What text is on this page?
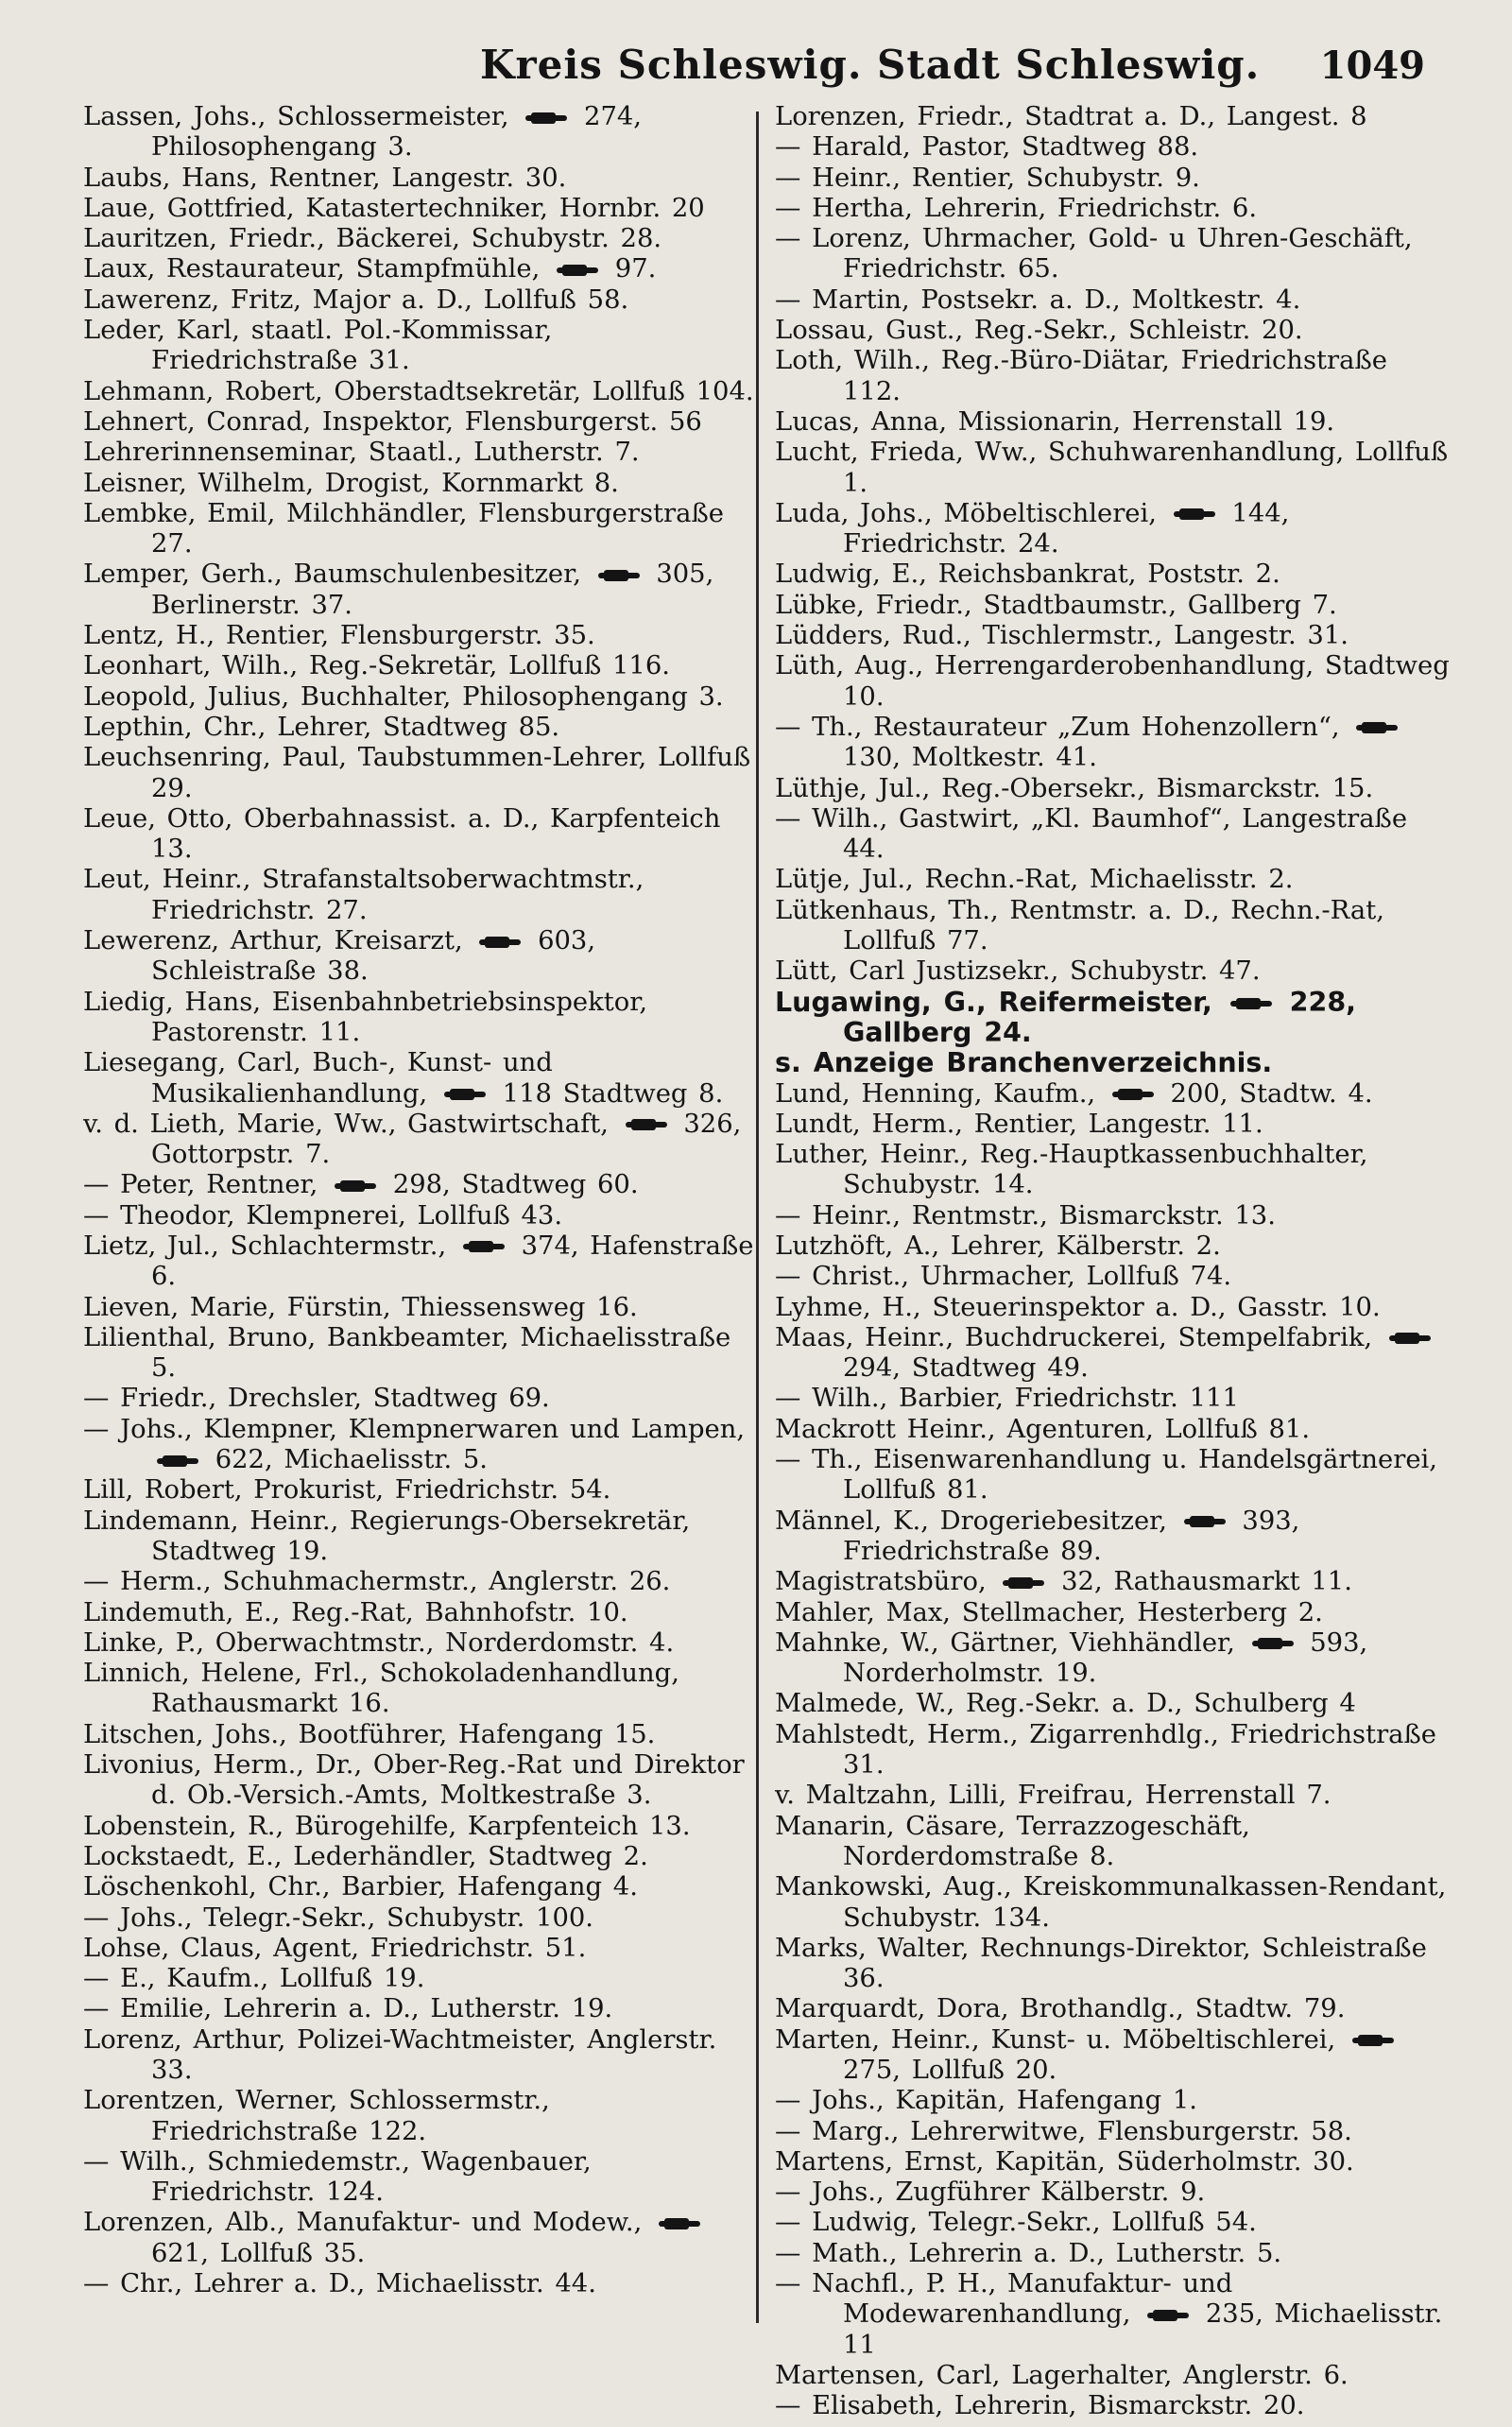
Kreis Schleswig. Stadt Schleswig. 1049
Lassen, Johs., Schlossermeister,  274, Philosophengang 3.
Laubs, Hans, Rentner, Langestr. 30.
Laue, Gottfried, Katastertechniker, Hornbr. 20
Lauritzen, Friedr., Bäckerei, Schubystr. 28.
Laux, Restaurateur, Stampfmühle,  97.
Lawerenz, Fritz, Major a. D., Lollfuß 58.
Leder, Karl, staatl. Pol.-Kommissar, Friedrichstraße 31.
Lehmann, Robert, Oberstadtsekretär, Lollfuß 104.
Lehnert, Conrad, Inspektor, Flensburgerst. 56
Lehrerinnenseminar, Staatl., Lutherstr. 7.
Leisner, Wilhelm, Drogist, Kornmarkt 8.
Lembke, Emil, Milchhändler, Flensburgerstraße 27.
Lemper, Gerh., Baumschulenbesitzer,  305, Berlinerstr. 37.
Lentz, H., Rentier, Flensburgerstr. 35.
Leonhart, Wilh., Reg.-Sekretär, Lollfuß 116.
Leopold, Julius, Buchhalter, Philosophengang 3.
Lepthin, Chr., Lehrer, Stadtweg 85.
Leuchsenring, Paul, Taubstummen-Lehrer, Lollfuß 29.
Leue, Otto, Oberbahnassist. a. D., Karpfenteich 13.
Leut, Heinr., Strafanstaltsoberwachtmstr., Friedrichstr. 27.
Lewerenz, Arthur, Kreisarzt,  603, Schleistraße 38.
Liedig, Hans, Eisenbahnbetriebsinspektor, Pastorenstr. 11.
Liesegang, Carl, Buch-, Kunst- und Musikalienhandlung,  118 Stadtweg 8.
v. d. Lieth, Marie, Ww., Gastwirtschaft,  326, Gottorpstr. 7.
— Peter, Rentner,  298, Stadtweg 60.
— Theodor, Klempnerei, Lollfuß 43.
Lietz, Jul., Schlachtermstr.,  374, Hafenstraße 6.
Lieven, Marie, Fürstin, Thiessensweg 16.
Lilienthal, Bruno, Bankbeamter, Michaelisstraße 5.
— Friedr., Drechsler, Stadtweg 69.
— Johs., Klempner, Klempnerwaren und Lampen,  622, Michaelisstr. 5.
Lill, Robert, Prokurist, Friedrichstr. 54.
Lindemann, Heinr., Regierungs-Obersekretär, Stadtweg 19.
— Herm., Schuhmachermstr., Anglerstr. 26.
Lindemuth, E., Reg.-Rat, Bahnhofstr. 10.
Linke, P., Oberwachtmstr., Norderdomstr. 4.
Linnich, Helene, Frl., Schokoladenhandlung, Rathausmarkt 16.
Litschen, Johs., Bootführer, Hafengang 15.
Livonius, Herm., Dr., Ober-Reg.-Rat und Direktor d. Ob.-Versich.-Amts, Moltkestraße 3.
Lobenstein, R., Bürogehilfe, Karpfenteich 13.
Lockstaedt, E., Lederhändler, Stadtweg 2.
Löschenkohl, Chr., Barbier, Hafengang 4.
— Johs., Telegr.-Sekr., Schubystr. 100.
Lohse, Claus, Agent, Friedrichstr. 51.
— E., Kaufm., Lollfuß 19.
— Emilie, Lehrerin a. D., Lutherstr. 19.
Lorenz, Arthur, Polizei-Wachtmeister, Anglerstr. 33.
Lorentzen, Werner, Schlossermstr., Friedrichstraße 122.
— Wilh., Schmiedemstr., Wagenbauer, Friedrichstr. 124.
Lorenzen, Alb., Manufaktur- und Modew.,  621, Lollfuß 35.
— Chr., Lehrer a. D., Michaelisstr. 44.
Lorenzen, Friedr., Stadtrat a. D., Langest. 8
— Harald, Pastor, Stadtweg 88.
— Heinr., Rentier, Schubystr. 9.
— Hertha, Lehrerin, Friedrichstr. 6.
— Lorenz, Uhrmacher, Gold- u Uhren-Geschäft, Friedrichstr. 65.
— Martin, Postsekr. a. D., Moltkestr. 4.
Lossau, Gust., Reg.-Sekr., Schleistr. 20.
Loth, Wilh., Reg.-Büro-Diätar, Friedrichstraße 112.
Lucas, Anna, Missionarin, Herrenstall 19.
Lucht, Frieda, Ww., Schuhwarenhandlung, Lollfuß 1.
Luda, Johs., Möbeltischlerei,  144, Friedrichstr. 24.
Ludwig, E., Reichsbankrat, Poststr. 2.
Lübke, Friedr., Stadtbaumstr., Gallberg 7.
Lüdders, Rud., Tischlermstr., Langestr. 31.
Lüth, Aug., Herrengarderobenhandlung, Stadtweg 10.
— Th., Restaurateur „Zum Hohenzollern“,  130, Moltkestr. 41.
Lüthje, Jul., Reg.-Obersekr., Bismarckstr. 15.
— Wilh., Gastwirt, „Kl. Baumhof“, Langestraße 44.
Lütje, Jul., Rechn.-Rat, Michaelisstr. 2.
Lütkenhaus, Th., Rentmstr. a. D., Rechn.-Rat, Lollfuß 77.
Lütt, Carl Justizsekr., Schubystr. 47.
Lugawing, G., Reifermeister,  228, Gallberg 24.
s. Anzeige Branchenverzeichnis.
Lund, Henning, Kaufm.,  200, Stadtw. 4.
Lundt, Herm., Rentier, Langestr. 11.
Luther, Heinr., Reg.-Hauptkassenbuchhalter, Schubystr. 14.
— Heinr., Rentmstr., Bismarckstr. 13.
Lutzhöft, A., Lehrer, Kälberstr. 2.
— Christ., Uhrmacher, Lollfuß 74.
Lyhme, H., Steuerinspektor a. D., Gasstr. 10.
Maas, Heinr., Buchdruckerei, Stempelfabrik,  294, Stadtweg 49.
— Wilh., Barbier, Friedrichstr. 111
Mackrott Heinr., Agenturen, Lollfuß 81.
— Th., Eisenwarenhandlung u. Handelsgärtnerei, Lollfuß 81.
Männel, K., Drogeriebesitzer,  393, Friedrichstraße 89.
Magistratsbüro,  32, Rathausmarkt 11.
Mahler, Max, Stellmacher, Hesterberg 2.
Mahnke, W., Gärtner, Viehhändler,  593, Norderholmstr. 19.
Malmede, W., Reg.-Sekr. a. D., Schulberg 4
Mahlstedt, Herm., Zigarrenhdlg., Friedrichstraße 31.
v. Maltzahn, Lilli, Freifrau, Herrenstall 7.
Manarin, Cäsare, Terrazzogeschäft, Norderdomstraße 8.
Mankowski, Aug., Kreiskommunalkassen-Rendant, Schubystr. 134.
Marks, Walter, Rechnungs-Direktor, Schleistraße 36.
Marquardt, Dora, Brothandlg., Stadtw. 79.
Marten, Heinr., Kunst- u. Möbeltischlerei,  275, Lollfuß 20.
— Johs., Kapitän, Hafengang 1.
— Marg., Lehrerwitwe, Flensburgerstr. 58.
Martens, Ernst, Kapitän, Süderholmstr. 30.
— Johs., Zugführer Kälberstr. 9.
— Ludwig, Telegr.-Sekr., Lollfuß 54.
— Math., Lehrerin a. D., Lutherstr. 5.
— Nachfl., P. H., Manufaktur- und Modewarenhandlung,  235, Michaelisstr. 11
Martensen, Carl, Lagerhalter, Anglerstr. 6.
— Elisabeth, Lehrerin, Bismarckstr. 20.
